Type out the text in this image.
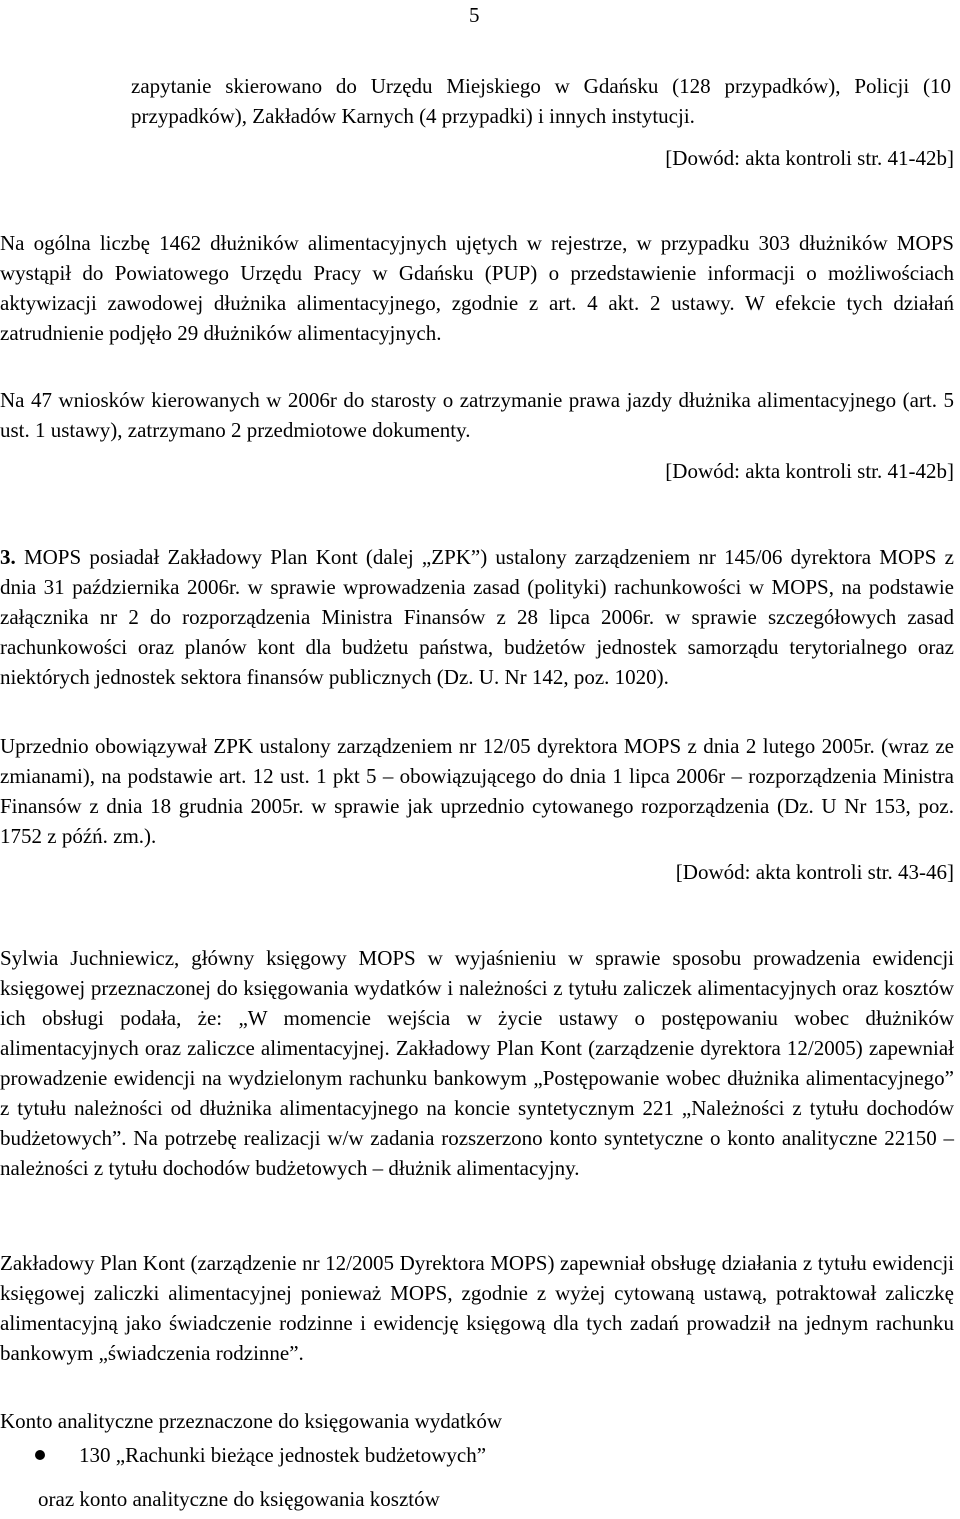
5

zapytanie skierowano do Urzędu Miejskiego w Gdańsku (128 przypadków), Policji (10 przypadków), Zakładów Karnych (4 przypadki) i innych instytucji.

[Dowód: akta kontroli str. 41-42b]

Na ogólna liczbę 1462 dłużników alimentacyjnych ujętych w rejestrze, w przypadku 303 dłużników MOPS wystąpił do Powiatowego Urzędu Pracy w Gdańsku (PUP) o przedstawienie informacji o możliwościach aktywizacji zawodowej dłużnika alimentacyjnego, zgodnie z art. 4 akt. 2 ustawy. W efekcie tych działań zatrudnienie podjęło 29 dłużników alimentacyjnych.

Na 47 wniosków kierowanych w 2006r do starosty o zatrzymanie prawa jazdy dłużnika alimentacyjnego (art. 5 ust. 1 ustawy), zatrzymano 2 przedmiotowe dokumenty.

[Dowód: akta kontroli str. 41-42b]

3. MOPS posiadał Zakładowy Plan Kont (dalej „ZPK”) ustalony zarządzeniem nr 145/06 dyrektora MOPS z dnia 31 października 2006r. w sprawie wprowadzenia zasad (polityki) rachunkowości w MOPS, na podstawie załącznika nr 2 do rozporządzenia Ministra Finansów z 28 lipca 2006r. w sprawie szczegółowych zasad rachunkowości oraz planów kont dla budżetu państwa, budżetów jednostek samorządu terytorialnego oraz niektórych jednostek sektora finansów publicznych (Dz. U. Nr 142, poz. 1020).

Uprzednio obowiązywał ZPK ustalony zarządzeniem nr 12/05 dyrektora MOPS z dnia 2 lutego 2005r. (wraz ze zmianami), na podstawie art. 12 ust. 1 pkt 5 – obowiązującego do dnia 1 lipca 2006r – rozporządzenia Ministra Finansów z dnia 18 grudnia 2005r. w sprawie jak uprzednio cytowanego rozporządzenia (Dz. U Nr 153, poz. 1752 z późń. zm.).

[Dowód: akta kontroli str. 43-46]

Sylwia Juchniewicz, główny księgowy MOPS w wyjaśnieniu w sprawie sposobu prowadzenia ewidencji księgowej przeznaczonej do księgowania wydatków i należności z tytułu zaliczek alimentacyjnych oraz kosztów ich obsługi podała, że: „W momencie wejścia w życie ustawy o postępowaniu wobec dłużników alimentacyjnych oraz zaliczce alimentacyjnej. Zakładowy Plan Kont (zarządzenie dyrektora 12/2005) zapewniał prowadzenie ewidencji na wydzielonym rachunku bankowym „Postępowanie wobec dłużnika alimentacyjnego” z tytułu należności od dłużnika alimentacyjnego na koncie syntetycznym 221 „Należności z tytułu dochodów budżetowych”. Na potrzebę realizacji w/w zadania rozszerzono konto syntetyczne o konto analityczne 22150 – należności z tytułu dochodów budżetowych – dłużnik alimentacyjny.

Zakładowy Plan Kont (zarządzenie nr 12/2005 Dyrektora MOPS) zapewniał obsługę działania z tytułu ewidencji księgowej zaliczki alimentacyjnej ponieważ MOPS, zgodnie z wyżej cytowaną ustawą, potraktował zaliczkę alimentacyjną jako świadczenie rodzinne i ewidencję księgową dla tych zadań prowadził na jednym rachunku bankowym „świadczenia rodzinne”.

Konto analityczne przeznaczone do księgowania wydatków

130 „Rachunki bieżące jednostek budżetowych”

oraz konto analityczne do księgowania kosztów
